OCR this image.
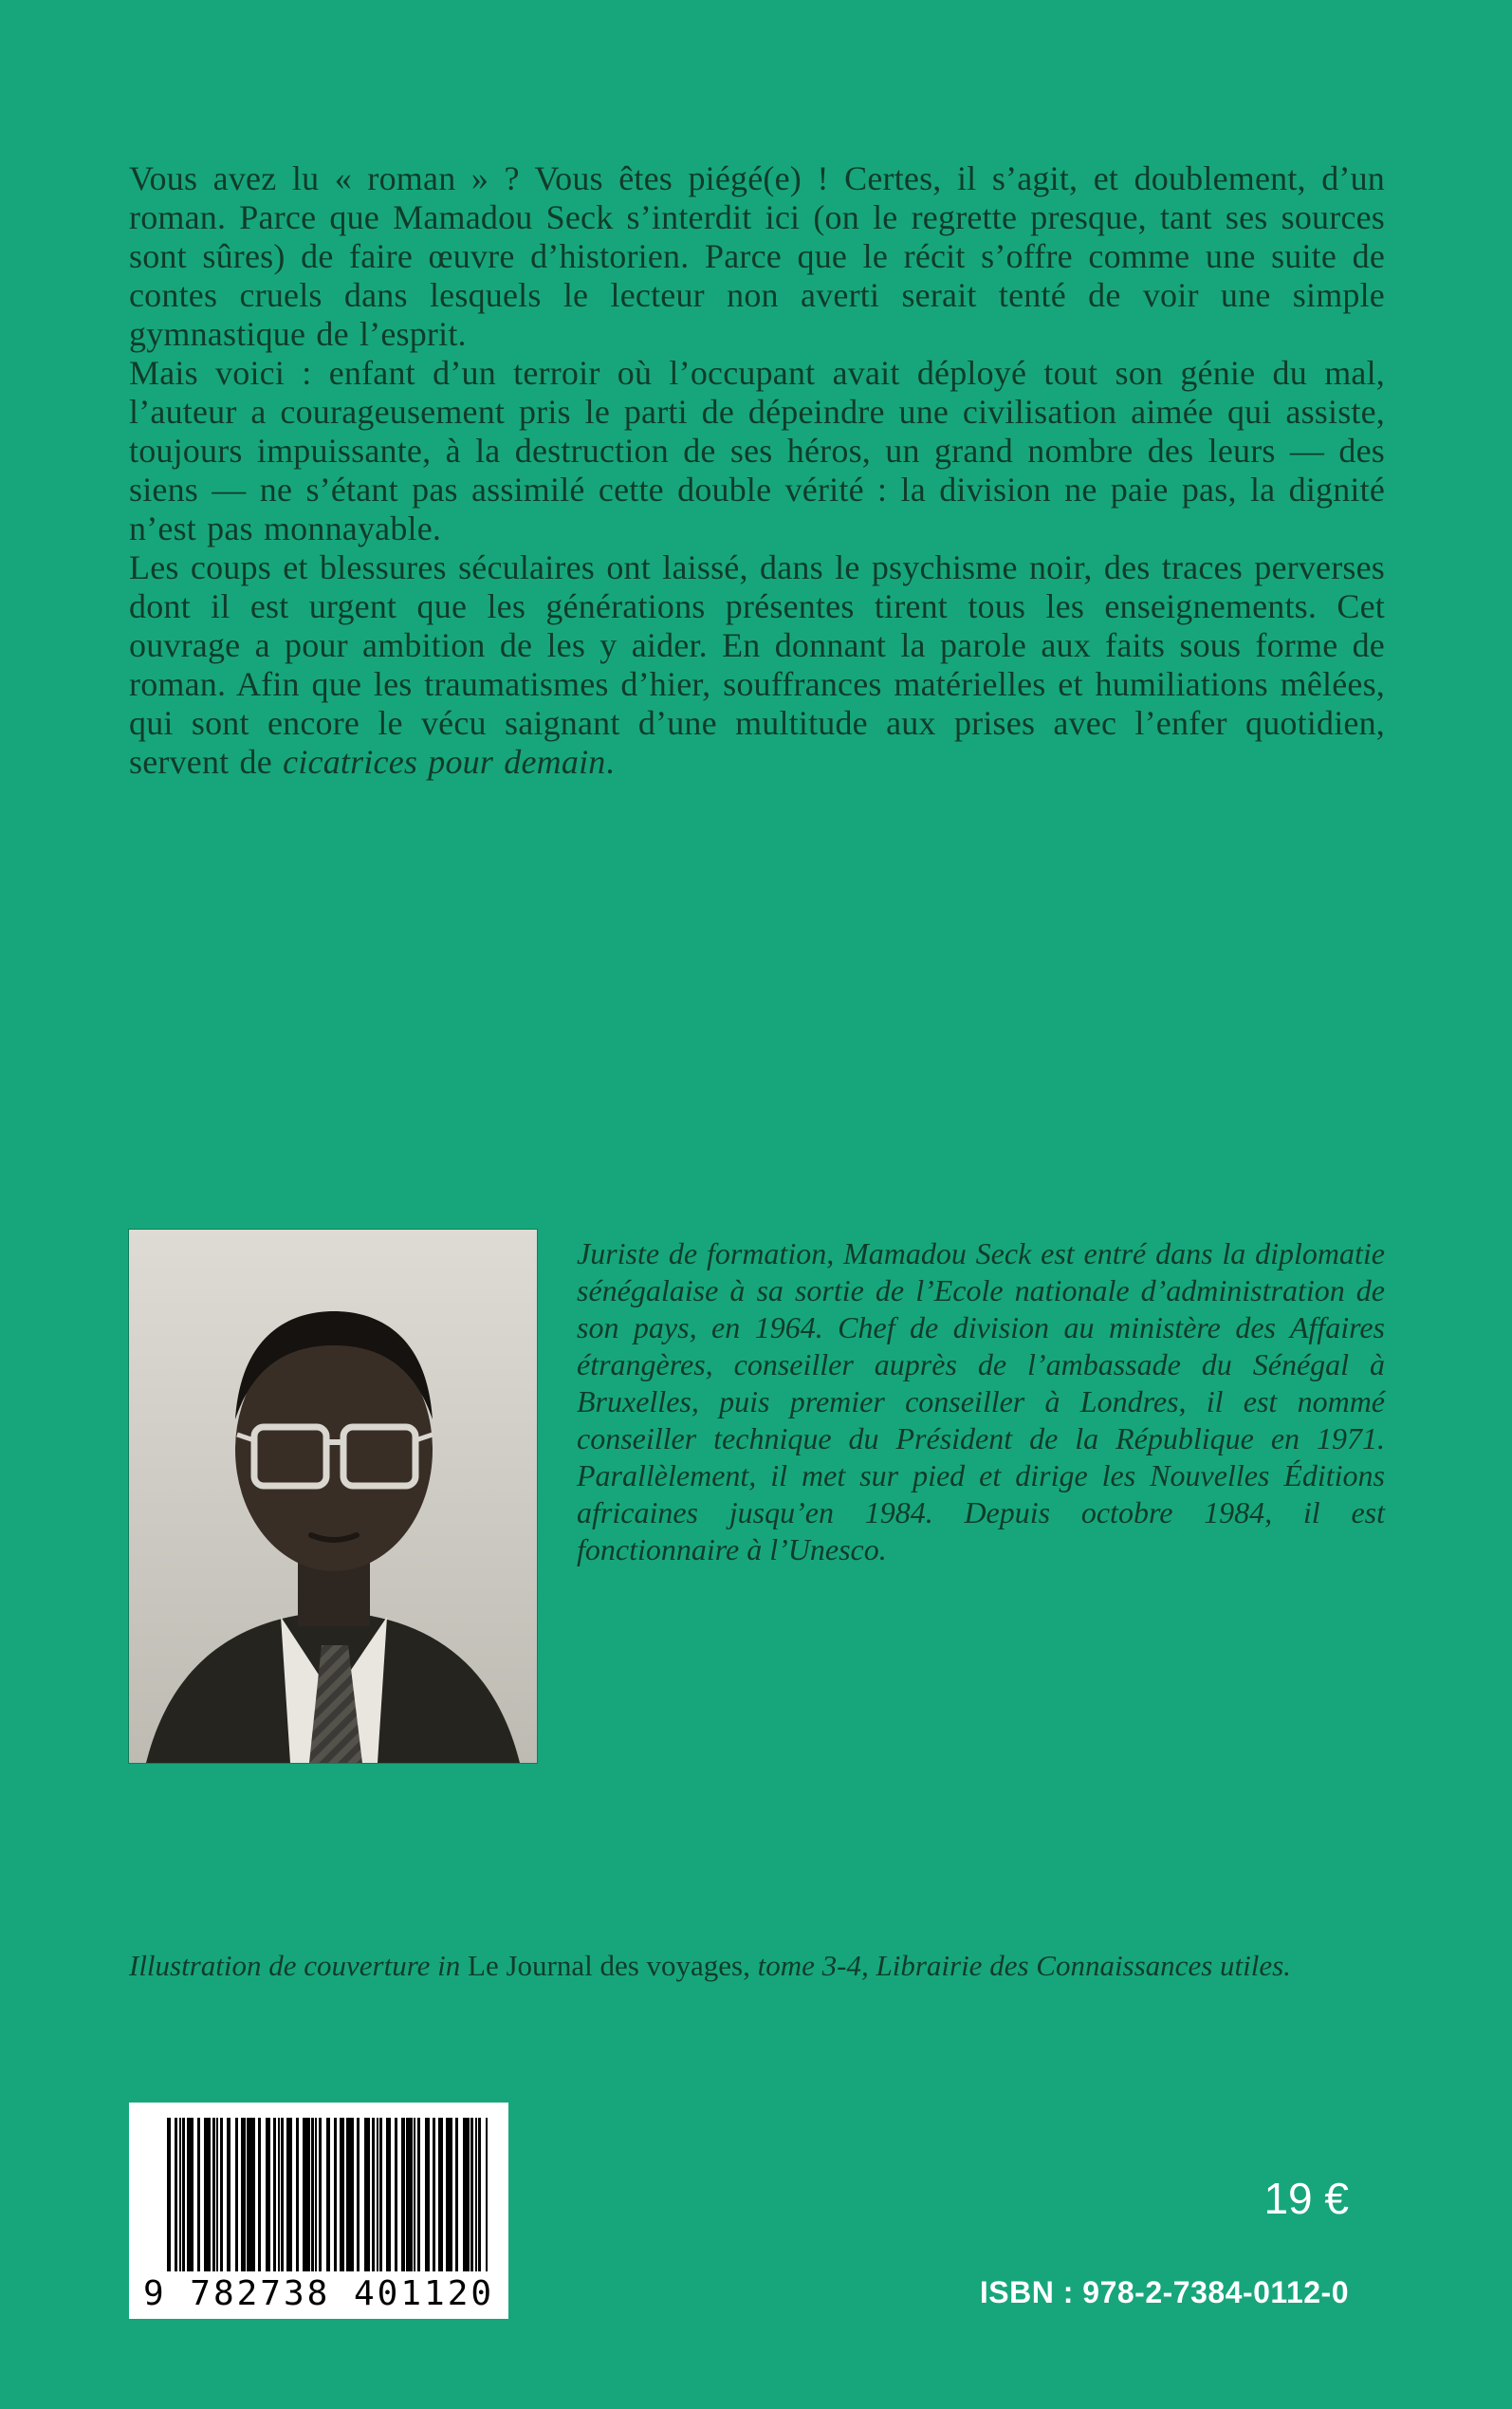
Vous avez lu « roman » ? Vous êtes piégé(e) ! Certes, il s’agit, et doublement, d’un roman. Parce que Mamadou Seck s’interdit ici (on le regrette presque, tant ses sources sont sûres) de faire œuvre d’historien. Parce que le récit s’offre comme une suite de contes cruels dans lesquels le lecteur non averti serait tenté de voir une simple gymnastique de l’esprit.

Mais voici : enfant d’un terroir où l’occupant avait déployé tout son génie du mal, l’auteur a courageusement pris le parti de dépeindre une civilisation aimée qui assiste, toujours impuissante, à la destruction de ses héros, un grand nombre des leurs — des siens — ne s’étant pas assimilé cette double vérité : la division ne paie pas, la dignité n’est pas monnayable.

Les coups et blessures séculaires ont laissé, dans le psychisme noir, des traces perverses dont il est urgent que les générations présentes tirent tous les enseignements. Cet ouvrage a pour ambition de les y aider. En donnant la parole aux faits sous forme de roman. Afin que les traumatismes d’hier, souffrances matérielles et humiliations mêlées, qui sont encore le vécu saignant d’une multitude aux prises avec l’enfer quotidien, servent de cicatrices pour demain.

Juriste de formation, Mamadou Seck est entré dans la diplomatie sénégalaise à sa sortie de l’Ecole nationale d’administration de son pays, en 1964. Chef de division au ministère des Affaires étrangères, conseiller auprès de l’ambassade du Sénégal à Bruxelles, puis premier conseiller à Londres, il est nommé conseiller technique du Président de la République en 1971. Parallèlement, il met sur pied et dirige les Nouvelles Éditions africaines jusqu’en 1984. Depuis octobre 1984, il est fonctionnaire à l’Unesco.

Illustration de couverture in Le Journal des voyages, tome 3-4, Librairie des Connaissances utiles.

9 782738 401120
19 €
ISBN : 978-2-7384-0112-0
